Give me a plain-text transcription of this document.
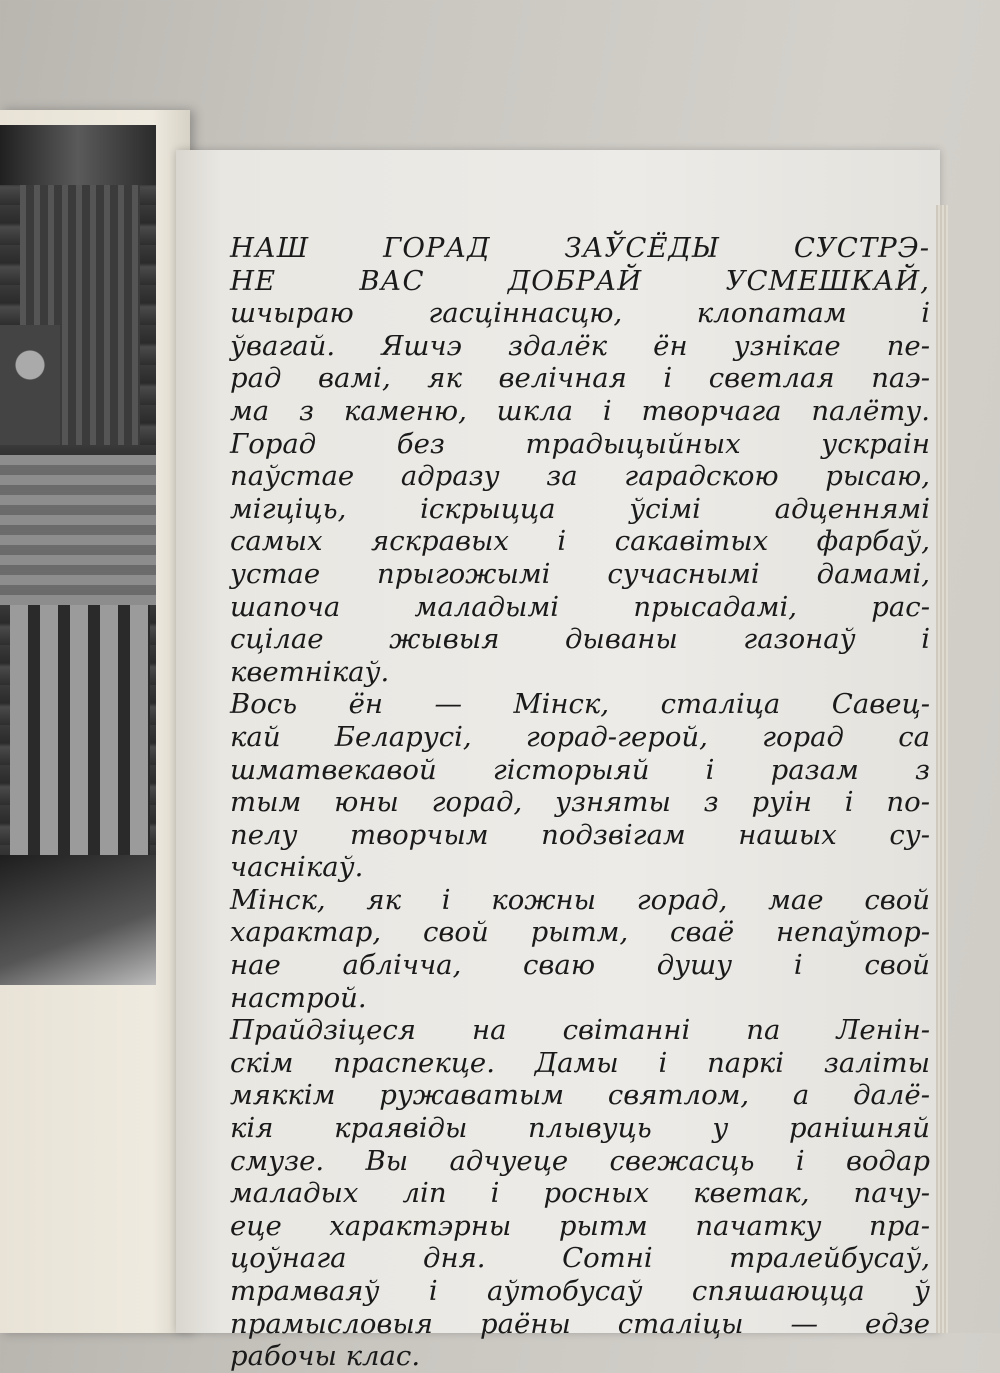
НАШ ГОРАД ЗАЎСЁДЫ СУСТРЭ-
НЕ ВАС ДОБРАЙ УСМЕШКАЙ,
шчыраю гасціннасцю, клопатам і
ўвагай. Яшчэ здалёк ён узнікае пе-
рад вамі, як велічная і светлая паэ-
ма з каменю, шкла і творчага палёту.
Горад без традыцыйных ускраін
паўстае адразу за гарадскою рысаю,
мігціць, іскрыцца ўсімі адценнямі
самых яскравых і сакавітых фарбаў,
устае прыгожымі сучаснымі дамамі,
шапоча маладымі прысадамі, рас-
сцілае жывыя дываны газонаў і
кветнікаў.
Вось ён — Мінск, сталіца Савец-
кай Беларусі, горад-герой, горад са
шматвекавой гісторыяй і разам з
тым юны горад, узняты з руін і по-
пелу творчым подзвігам нашых су-
часнікаў.
Мінск, як і кожны горад, мае свой
характар, свой рытм, сваё непаўтор-
нае аблічча, сваю душу і свой
настрой.
Прайдзіцеся на світанні па Ленін-
скім праспекце. Дамы і паркі заліты
мяккім ружаватым святлом, а далё-
кія краявіды плывуць у ранішняй
смузе. Вы адчуеце свежасць і водар
маладых ліп і росных кветак, пачу-
еце характэрны рытм пачатку пра-
цоўнага дня. Сотні тралейбусаў,
трамваяў і аўтобусаў спяшаюцца ў
прамысловыя раёны сталіцы — едзе
рабочы клас.
